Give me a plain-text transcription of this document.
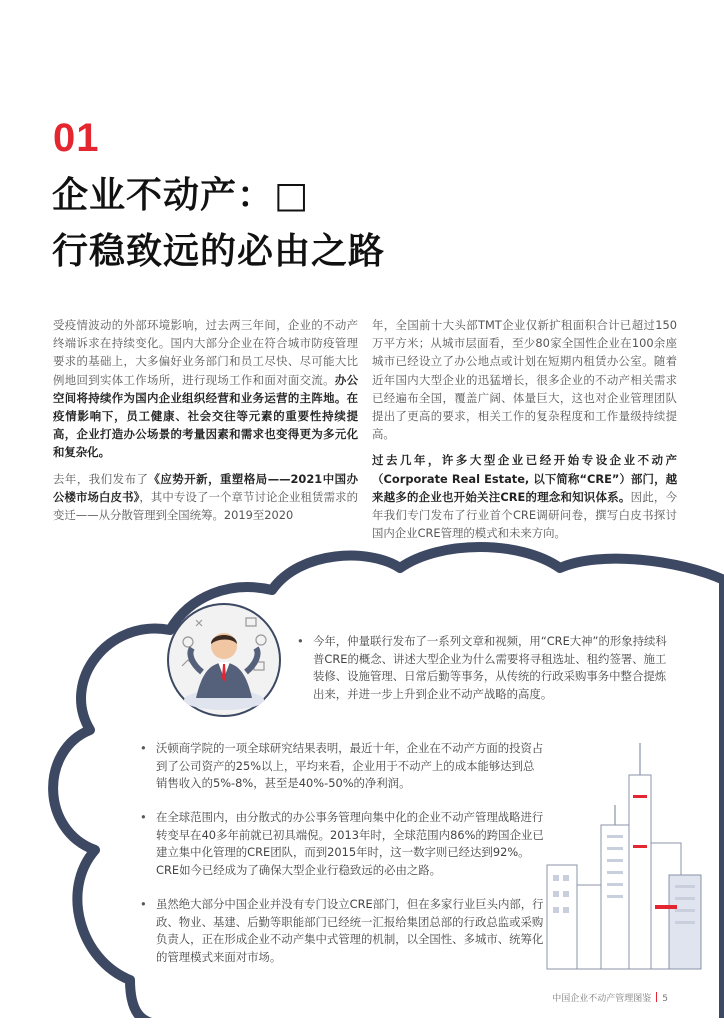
01
企业不动产：□
行稳致远的必由之路

受疫情波动的外部环境影响，过去两三年间，企业的不动产终端诉求在持续变化。国内大部分企业在符合城市防疫管理要求的基础上，大多偏好业务部门和员工尽快、尽可能大比例地回到实体工作场所，进行现场工作和面对面交流。办公空间将持续作为国内企业组织经营和业务运营的主阵地。在疫情影响下，员工健康、社会交往等元素的重要性持续提高，企业打造办公场景的考量因素和需求也变得更为多元化和复杂化。

去年，我们发布了《应势开新，重塑格局——2021中国办公楼市场白皮书》，其中专设了一个章节讨论企业租赁需求的变迁——从分散管理到全国统筹。2019至2020

年，全国前十大头部TMT企业仅新扩租面积合计已超过150万平方米；从城市层面看，至少80家全国性企业在100余座城市已经设立了办公地点或计划在短期内租赁办公室。随着近年国内大型企业的迅猛增长，很多企业的不动产相关需求已经遍布全国，覆盖广阔、体量巨大，这也对企业管理团队提出了更高的要求，相关工作的复杂程度和工作量级持续提高。

过去几年，许多大型企业已经开始专设企业不动产（Corporate Real Estate, 以下简称“CRE”）部门，越来越多的企业也开始关注CRE的理念和知识体系。因此，今年我们专门发布了行业首个CRE调研问卷，撰写白皮书探讨国内企业CRE管理的模式和未来方向。

• 今年，仲量联行发布了一系列文章和视频，用“CRE大神”的形象持续科普CRE的概念、讲述大型企业为什么需要将寻租选址、租约签署、施工装修、设施管理、日常后勤等事务，从传统的行政采购事务中整合提炼出来，并进一步上升到企业不动产战略的高度。
• 沃顿商学院的一项全球研究结果表明，最近十年，企业在不动产方面的投资占到了公司资产的25%以上，平均来看，企业用于不动产上的成本能够达到总销售收入的5%-8%，甚至是40%-50%的净利润。
• 在全球范围内，由分散式的办公事务管理向集中化的企业不动产管理战略进行转变早在40多年前就已初具端倪。2013年时，全球范围内86%的跨国企业已建立集中化管理的CRE团队，而到2015年时，这一数字则已经达到92%。CRE如今已经成为了确保大型企业行稳致远的必由之路。
• 虽然绝大部分中国企业并没有专门设立CRE部门，但在多家行业巨头内部，行政、物业、基建、后勤等职能部门已经统一汇报给集团总部的行政总监或采购负责人，正在形成企业不动产集中式管理的机制，以全国性、多城市、统筹化的管理模式来面对市场。
中国企业不动产管理图鉴 5
